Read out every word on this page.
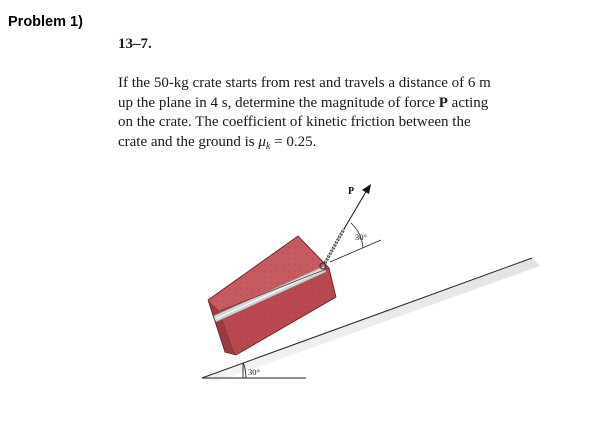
Problem 1)
13–7.

If the 50-kg crate starts from rest and travels a distance of 6 m
up the plane in 4 s, determine the magnitude of force P acting
on the crate. The coefficient of kinetic friction between the
crate and the ground is $\mu_k = 0.25$.

30°
P
30°
